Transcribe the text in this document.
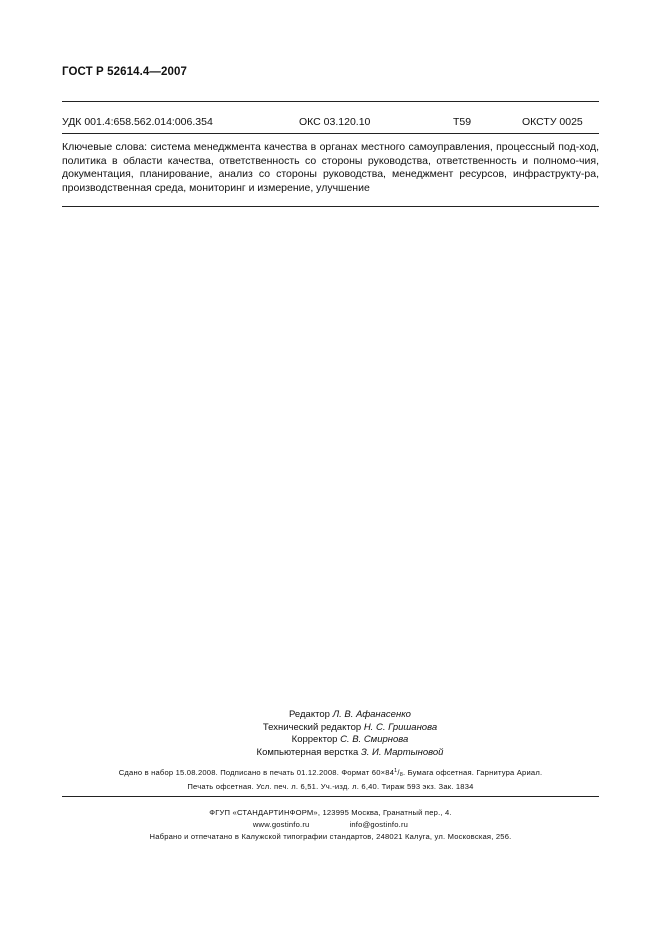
ГОСТ Р 52614.4—2007
УДК 001.4:658.562.014:006.354	ОКС 03.120.10	Т59	ОКСТУ 0025
Ключевые слова: система менеджмента качества в органах местного самоуправления, процессный под-ход, политика в области качества, ответственность со стороны руководства, ответственность и полномо-чия, документация, планирование, анализ со стороны руководства, менеджмент ресурсов, инфраструкту-ра, производственная среда, мониторинг и измерение, улучшение
Редактор Л. В. Афанасенко
Технический редактор Н. С. Гришанова
Корректор С. В. Смирнова
Компьютерная верстка З. И. Мартыновой
Сдано в набор 15.08.2008. Подписано в печать 01.12.2008. Формат $60\times 84^1/_8$. Бумага офсетная. Гарнитура Ариал.
Печать офсетная. Усл. печ. л. 6,51. Уч.-изд. л. 6,40. Тираж 593 экз. Зак. 1834
ФГУП «СТАНДАРТИНФОРМ», 123995 Москва, Гранатный пер., 4.
www.gostinfo.ru	info@gostinfo.ru
Набрано и отпечатано в Калужской типографии стандартов, 248021 Калуга, ул. Московская, 256.
